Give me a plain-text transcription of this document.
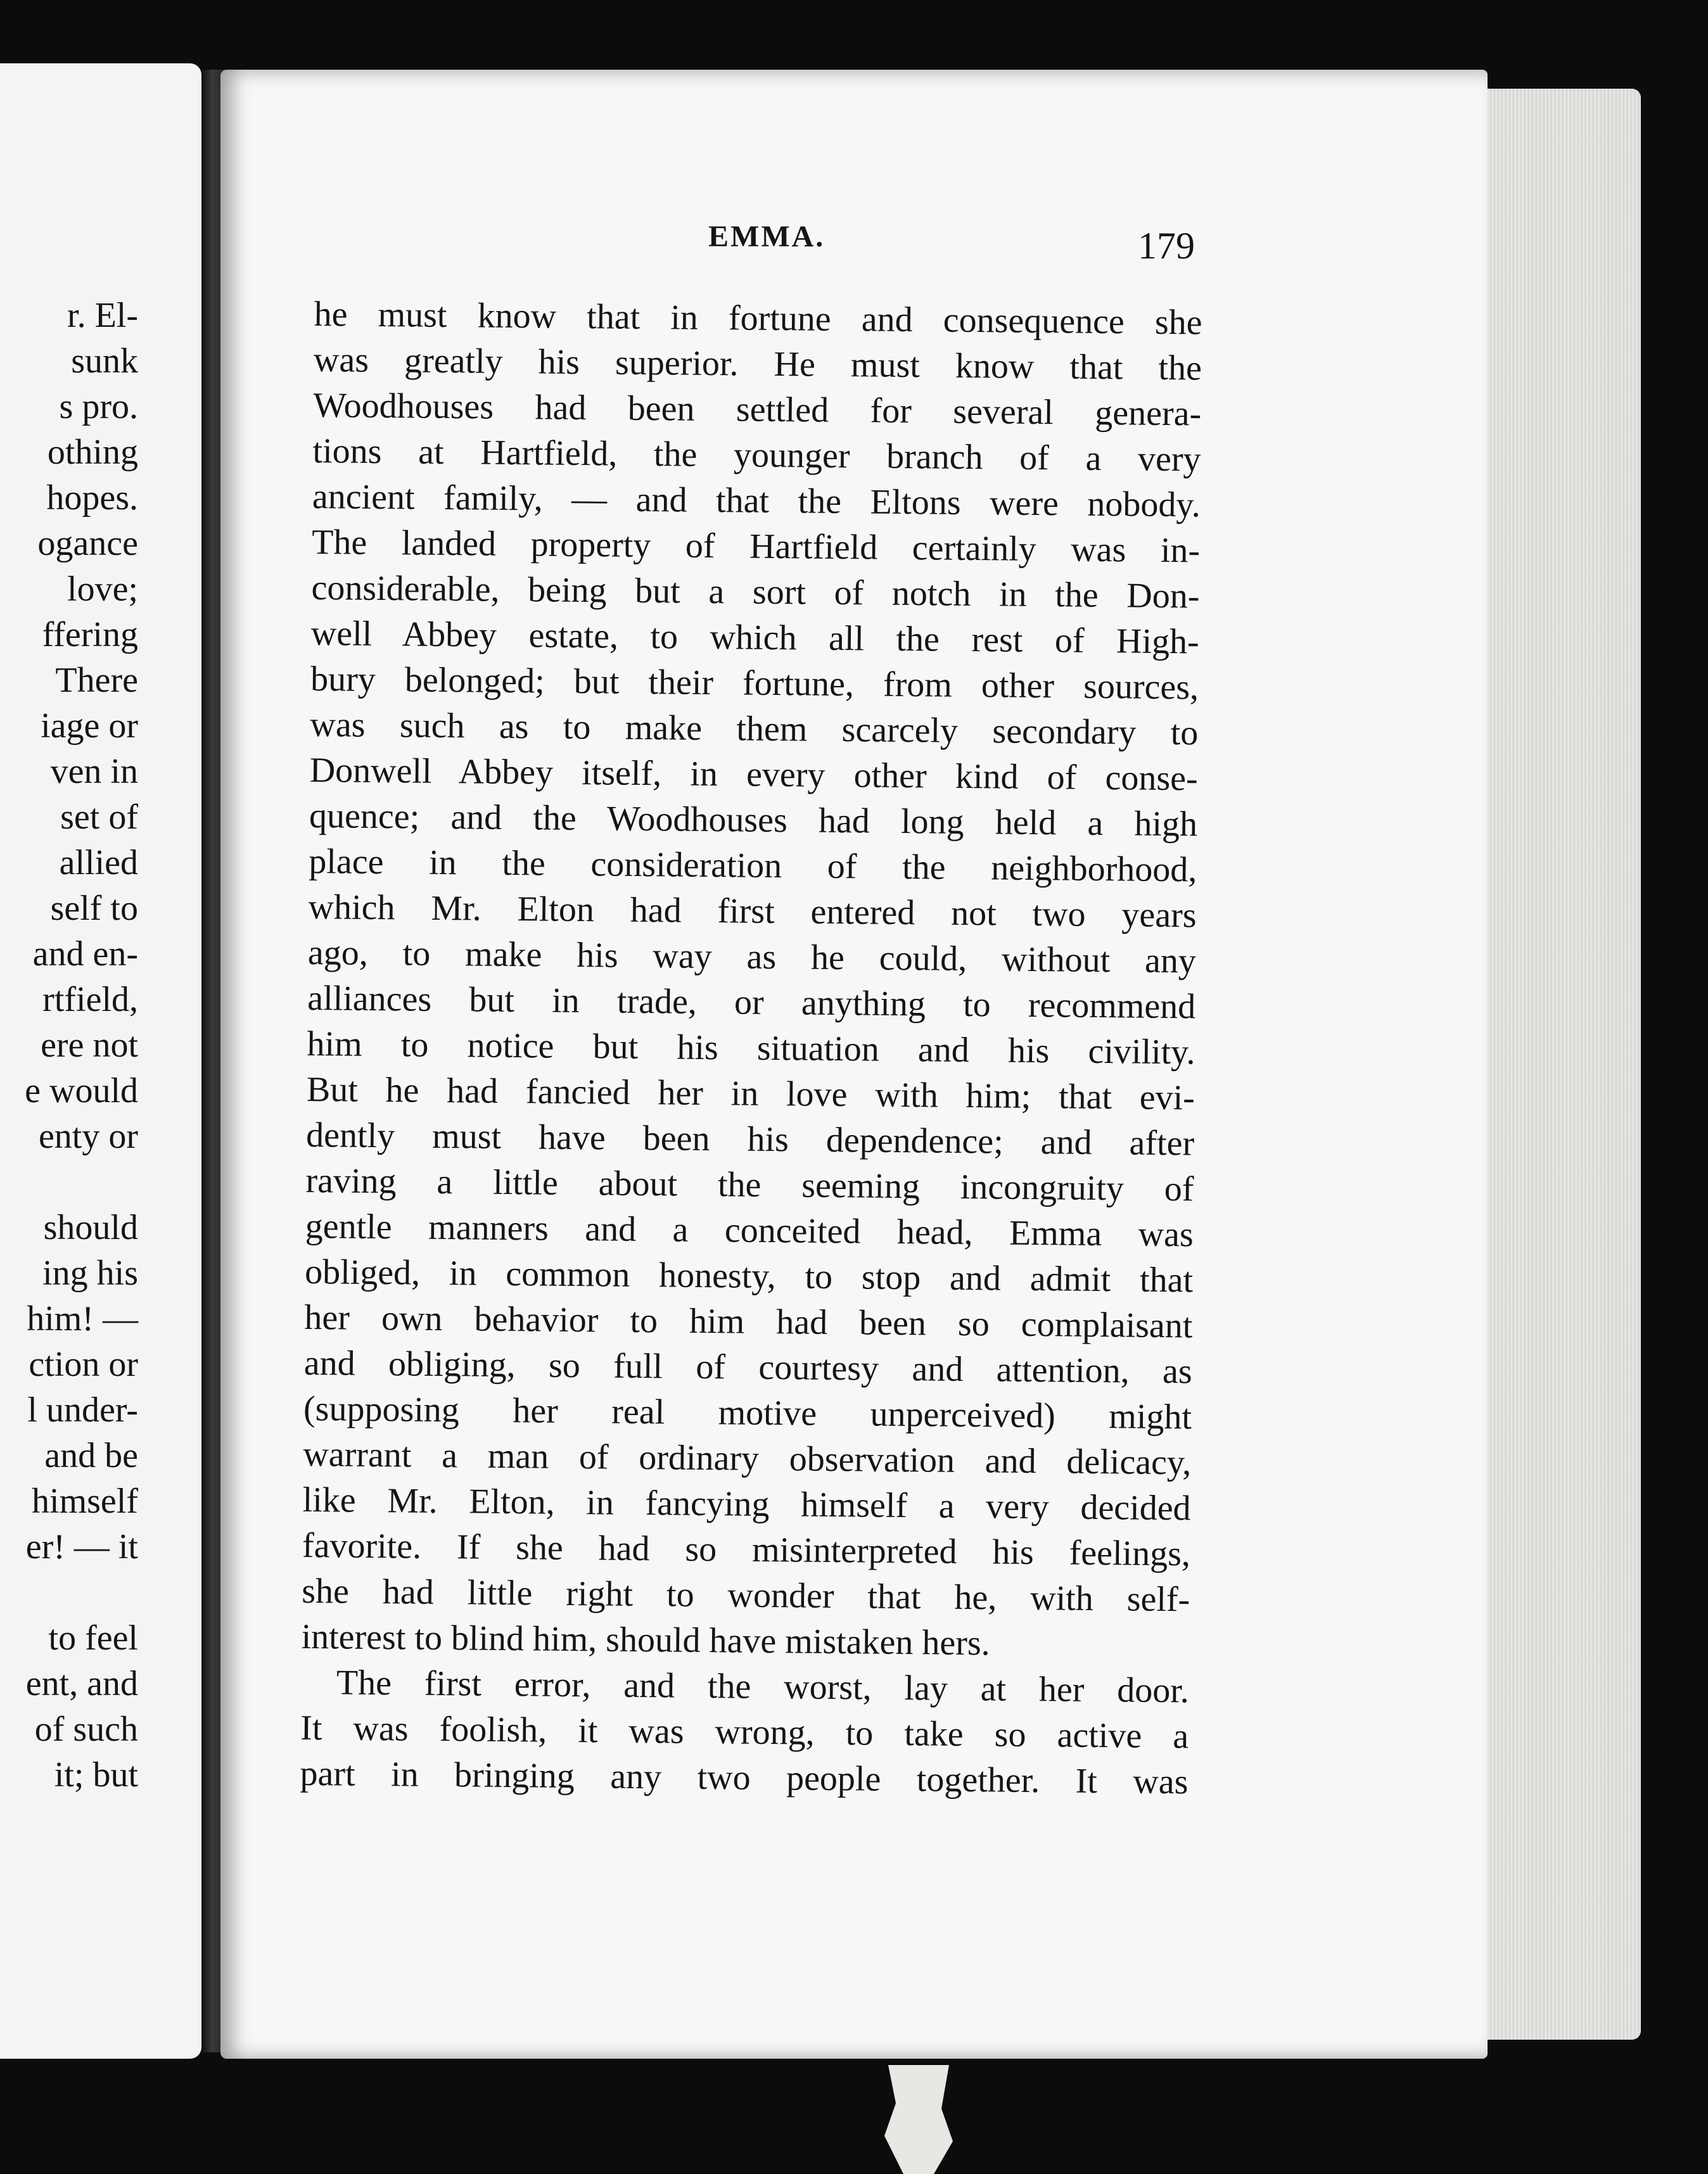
r. El-
sunk
s pro.
othing
hopes.
ogance
love;
ffering
There
iage or
ven in
set of
allied
self to
and en-
rtfield,
ere not
e would
enty or
should
ing his
him! —
ction or
l under-
and be
himself
er! — it
to feel
ent, and
of such
it; but
EMMA.	179
he must know that in fortune and consequence she
was greatly his superior. He must know that the
Woodhouses had been settled for several genera-
tions at Hartfield, the younger branch of a very
ancient family, — and that the Eltons were nobody.
The landed property of Hartfield certainly was in-
considerable, being but a sort of notch in the Don-
well Abbey estate, to which all the rest of High-
bury belonged; but their fortune, from other sources,
was such as to make them scarcely secondary to
Donwell Abbey itself, in every other kind of conse-
quence; and the Woodhouses had long held a high
place in the consideration of the neighborhood,
which Mr. Elton had first entered not two years
ago, to make his way as he could, without any
alliances but in trade, or anything to recommend
him to notice but his situation and his civility.
But he had fancied her in love with him; that evi-
dently must have been his dependence; and after
raving a little about the seeming incongruity of
gentle manners and a conceited head, Emma was
obliged, in common honesty, to stop and admit that
her own behavior to him had been so complaisant
and obliging, so full of courtesy and attention, as
(supposing her real motive unperceived) might
warrant a man of ordinary observation and delicacy,
like Mr. Elton, in fancying himself a very decided
favorite. If she had so misinterpreted his feelings,
she had little right to wonder that he, with self-
interest to blind him, should have mistaken hers.
The first error, and the worst, lay at her door.
It was foolish, it was wrong, to take so active a
part in bringing any two people together. It was
